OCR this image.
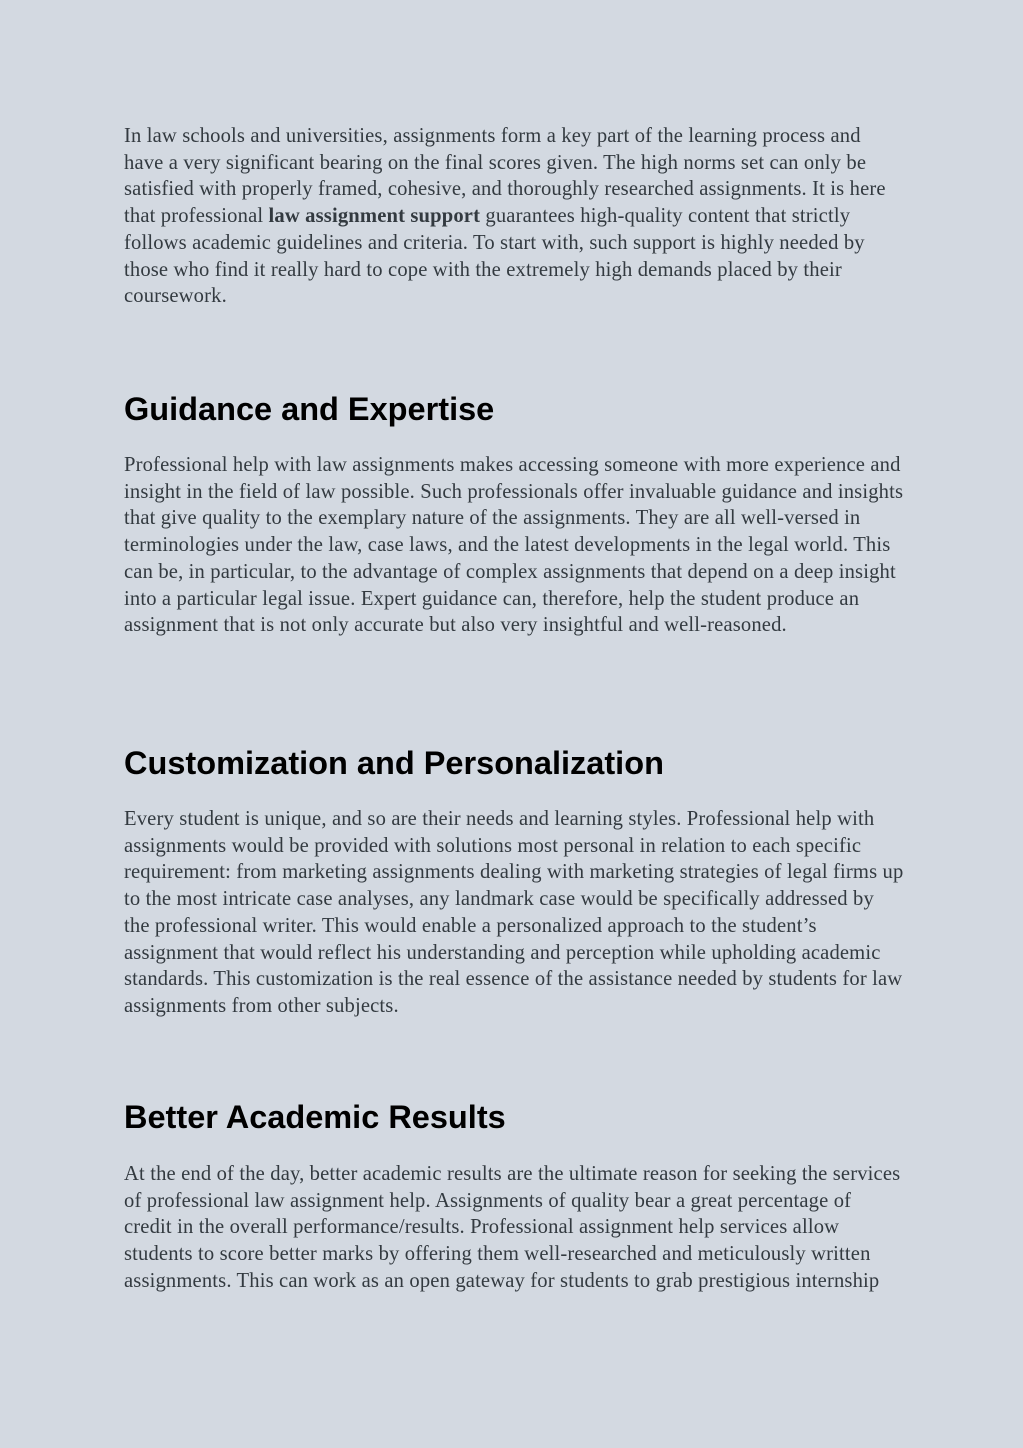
In law schools and universities, assignments form a key part of the learning process and have a very significant bearing on the final scores given. The high norms set can only be satisfied with properly framed, cohesive, and thoroughly researched assignments. It is here that professional law assignment support guarantees high-quality content that strictly follows academic guidelines and criteria. To start with, such support is highly needed by those who find it really hard to cope with the extremely high demands placed by their coursework.

Guidance and Expertise

Professional help with law assignments makes accessing someone with more experience and insight in the field of law possible. Such professionals offer invaluable guidance and insights that give quality to the exemplary nature of the assignments. They are all well-versed in terminologies under the law, case laws, and the latest developments in the legal world. This can be, in particular, to the advantage of complex assignments that depend on a deep insight into a particular legal issue. Expert guidance can, therefore, help the student produce an assignment that is not only accurate but also very insightful and well-reasoned.

Customization and Personalization

Every student is unique, and so are their needs and learning styles. Professional help with assignments would be provided with solutions most personal in relation to each specific requirement: from marketing assignments dealing with marketing strategies of legal firms up to the most intricate case analyses, any landmark case would be specifically addressed by the professional writer. This would enable a personalized approach to the student’s assignment that would reflect his understanding and perception while upholding academic standards. This customization is the real essence of the assistance needed by students for law assignments from other subjects.

Better Academic Results

At the end of the day, better academic results are the ultimate reason for seeking the services of professional law assignment help. Assignments of quality bear a great percentage of credit in the overall performance/results. Professional assignment help services allow students to score better marks by offering them well-researched and meticulously written assignments. This can work as an open gateway for students to grab prestigious internship
